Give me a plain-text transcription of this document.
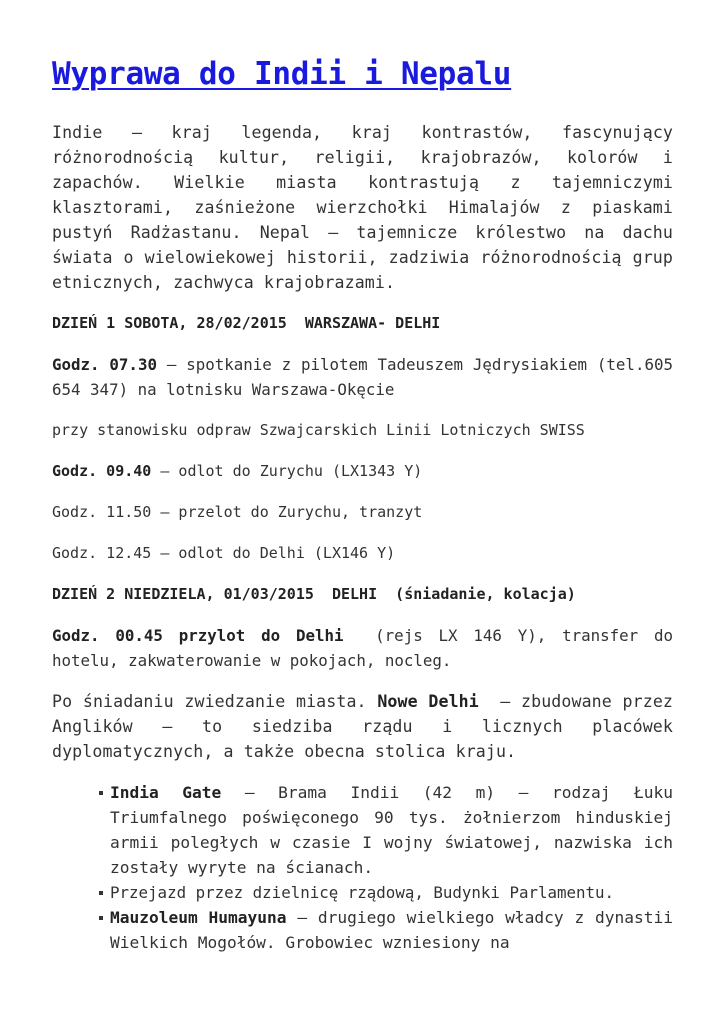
Wyprawa do Indii i Nepalu

Indie – kraj legenda, kraj kontrastów, fascynujący różnorodnością kultur, religii, krajobrazów, kolorów i zapachów. Wielkie miasta kontrastują z tajemniczymi klasztorami, zaśnieżone wierzchołki Himalajów z piaskami pustyń Radżastanu. Nepal – tajemnicze królestwo na dachu świata o wielowiekowej historii, zadziwia różnorodnością grup etnicznych, zachwyca krajobrazami.

DZIEŃ 1 SOBOTA, 28/02/2015  WARSZAWA- DELHI

Godz. 07.30 – spotkanie z pilotem Tadeuszem Jędrysiakiem (tel.605 654 347) na lotnisku Warszawa-Okęcie

przy stanowisku odpraw Szwajcarskich Linii Lotniczych SWISS

Godz. 09.40 – odlot do Zurychu (LX1343 Y)

Godz. 11.50 – przelot do Zurychu, tranzyt

Godz. 12.45 – odlot do Delhi (LX146 Y)

DZIEŃ 2 NIEDZIELA, 01/03/2015  DELHI  (śniadanie, kolacja)

Godz. 00.45 przylot do Delhi  (rejs LX 146 Y), transfer do hotelu, zakwaterowanie w pokojach, nocleg.

Po śniadaniu zwiedzanie miasta. Nowe Delhi  – zbudowane przez Anglików – to siedziba rządu i licznych placówek dyplomatycznych, a także obecna stolica kraju.

India Gate – Brama Indii (42 m) – rodzaj Łuku Triumfalnego poświęconego 90 tys. żołnierzom hinduskiej armii poległych w czasie I wojny światowej, nazwiska ich zostały wyryte na ścianach.
Przejazd przez dzielnicę rządową, Budynki Parlamentu.
Mauzoleum Humayuna – drugiego wielkiego władcy z dynastii Wielkich Mogołów. Grobowiec wzniesiony na
